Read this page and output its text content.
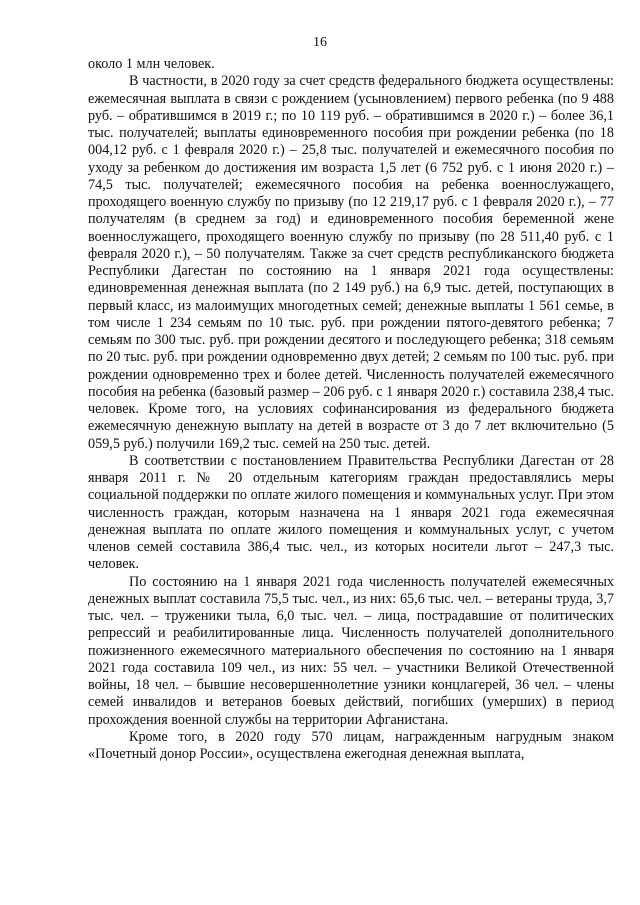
16

около 1 млн человек.

В частности, в 2020 году за счет средств федерального бюджета осуществлены: ежемесячная выплата в связи с рождением (усыновлением) первого ребенка (по 9 488 руб. – обратившимся в 2019 г.; по 10 119 руб. – обратившимся в 2020 г.) – более 36,1 тыс. получателей; выплаты единовременного пособия при рождении ребенка (по 18 004,12 руб. с 1 февраля 2020 г.) – 25,8 тыс. получателей и ежемесячного пособия по уходу за ребенком до достижения им возраста 1,5 лет (6 752 руб. с 1 июня 2020 г.) – 74,5 тыс. получателей; ежемесячного пособия на ребенка военнослужащего, проходящего военную службу по призыву (по 12 219,17 руб. с 1 февраля 2020 г.), – 77 получателям (в среднем за год) и единовременного пособия беременной жене военнослужащего, проходящего военную службу по призыву (по 28 511,40 руб. с 1 февраля 2020 г.), – 50 получателям. Также за счет средств республиканского бюджета Республики Дагестан по состоянию на 1 января 2021 года осуществлены: единовременная денежная выплата (по 2 149 руб.) на 6,9 тыс. детей, поступающих в первый класс, из малоимущих многодетных семей; денежные выплаты 1 561 семье, в том числе 1 234 семьям по 10 тыс. руб. при рождении пятого-девятого ребенка; 7 семьям по 300 тыс. руб. при рождении десятого и последующего ребенка; 318 семьям по 20 тыс. руб. при рождении одновременно двух детей; 2 семьям по 100 тыс. руб. при рождении одновременно трех и более детей. Численность получателей ежемесячного пособия на ребенка (базовый размер – 206 руб. с 1 января 2020 г.) составила 238,4 тыс. человек. Кроме того, на условиях софинансирования из федерального бюджета ежемесячную денежную выплату на детей в возрасте от 3 до 7 лет включительно (5 059,5 руб.) получили 169,2 тыс. семей на 250 тыс. детей.

В соответствии с постановлением Правительства Республики Дагестан от 28 января 2011 г. № 20 отдельным категориям граждан предоставлялись меры социальной поддержки по оплате жилого помещения и коммунальных услуг. При этом численность граждан, которым назначена на 1 января 2021 года ежемесячная денежная выплата по оплате жилого помещения и коммунальных услуг, с учетом членов семей составила 386,4 тыс. чел., из которых носители льгот – 247,3 тыс. человек.

По состоянию на 1 января 2021 года численность получателей ежемесячных денежных выплат составила 75,5 тыс. чел., из них: 65,6 тыс. чел. – ветераны труда, 3,7 тыс. чел. – труженики тыла, 6,0 тыс. чел. – лица, пострадавшие от политических репрессий и реабилитированные лица. Численность получателей дополнительного пожизненного ежемесячного материального обеспечения по состоянию на 1 января 2021 года составила 109 чел., из них: 55 чел. – участники Великой Отечественной войны, 18 чел. – бывшие несовершеннолетние узники концлагерей, 36 чел. – члены семей инвалидов и ветеранов боевых действий, погибших (умерших) в период прохождения военной службы на территории Афганистана.

Кроме того, в 2020 году 570 лицам, награжденным нагрудным знаком «Почетный донор России», осуществлена ежегодная денежная выплата,
